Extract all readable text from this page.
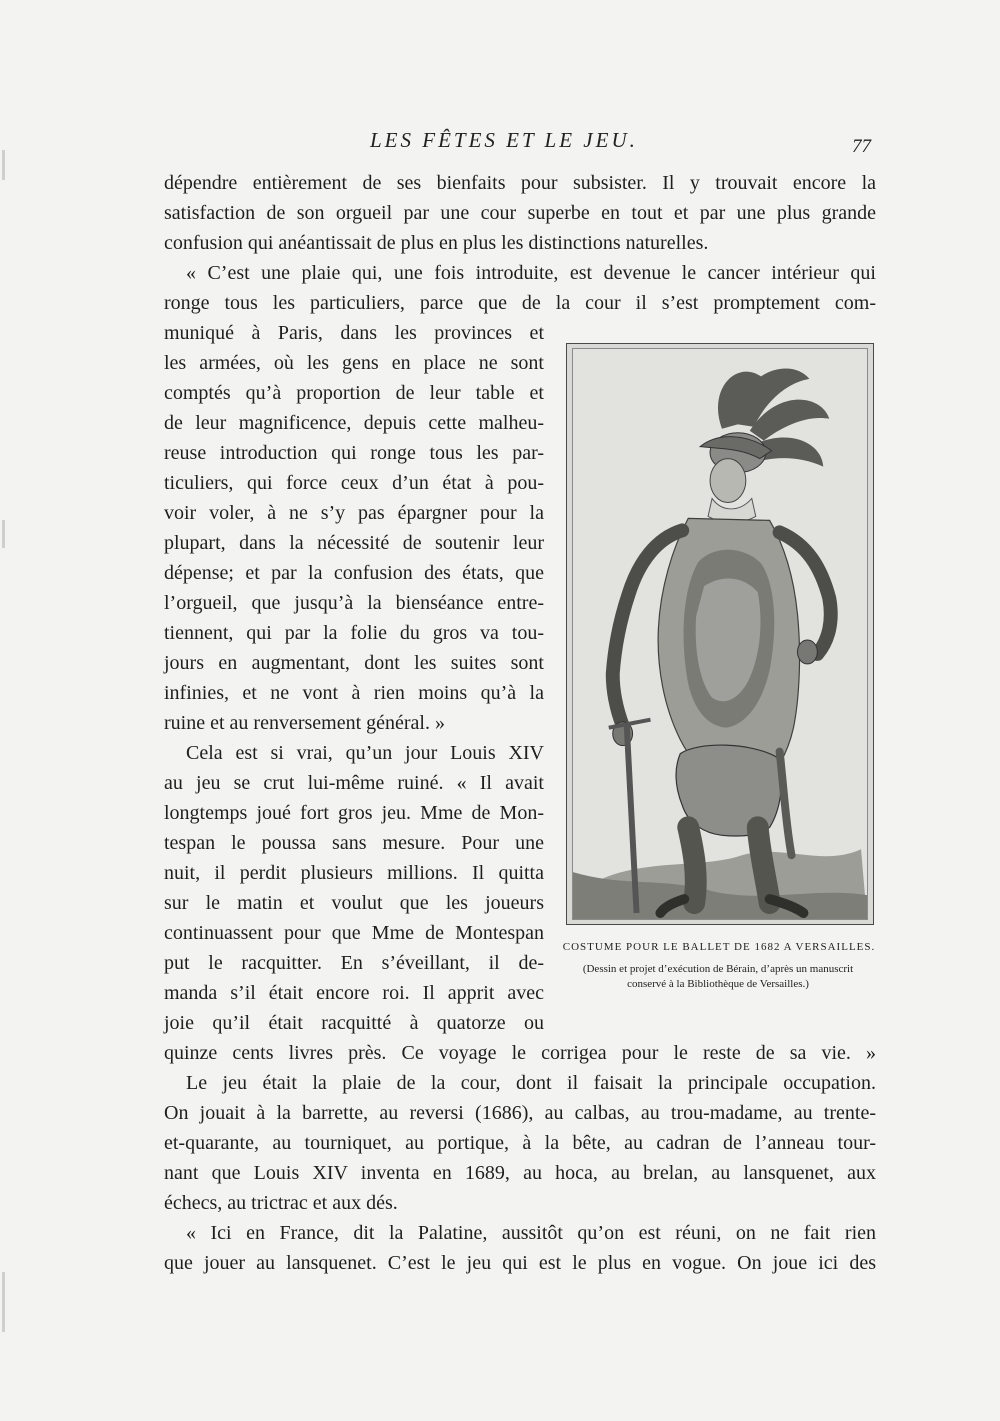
LES FÊTES ET LE JEU.	77
dépendre entièrement de ses bienfaits pour subsister. Il y trouvait encore la
satisfaction de son orgueil par une cour superbe en tout et par une plus grande
confusion qui anéantissait de plus en plus les distinctions naturelles.
« C’est une plaie qui, une fois introduite, est devenue le cancer intérieur qui
ronge tous les particuliers, parce que de la cour il s’est promptement com-
muniqué à Paris, dans les provinces et
les armées, où les gens en place ne sont
comptés qu’à proportion de leur table et
de leur magnificence, depuis cette malheu-
reuse introduction qui ronge tous les par-
ticuliers, qui force ceux d’un état à pou-
voir voler, à ne s’y pas épargner pour la
plupart, dans la nécessité de soutenir leur
dépense; et par la confusion des états, que
l’orgueil, que jusqu’à la bienséance entre-
tiennent, qui par la folie du gros va tou-
jours en augmentant, dont les suites sont
infinies, et ne vont à rien moins qu’à la
ruine et au renversement général. »
Cela est si vrai, qu’un jour Louis XIV
au jeu se crut lui-même ruiné. « Il avait
longtemps joué fort gros jeu. Mme de Mon-
tespan le poussa sans mesure. Pour une
nuit, il perdit plusieurs millions. Il quitta
sur le matin et voulut que les joueurs
continuassent pour que Mme de Montespan
put le racquitter. En s’éveillant, il de-
manda s’il était encore roi. Il apprit avec
joie qu’il était racquitté à quatorze ou
quinze cents livres près. Ce voyage le corrigea pour le reste de sa vie. »
Le jeu était la plaie de la cour, dont il faisait la principale occupation.
On jouait à la barrette, au reversi (1686), au calbas, au trou-madame, au trente-
et-quarante, au tourniquet, au portique, à la bête, au cadran de l’anneau tour-
nant que Louis XIV inventa en 1689, au hoca, au brelan, au lansquenet, aux
échecs, au trictrac et aux dés.
« Ici en France, dit la Palatine, aussitôt qu’on est réuni, on ne fait rien
que jouer au lansquenet. C’est le jeu qui est le plus en vogue. On joue ici des
COSTUME POUR LE BALLET DE 1682 A VERSAILLES.
(Dessin et projet d’exécution de Bérain, d’après un manuscrit conservé à la Bibliothèque de Versailles.)
